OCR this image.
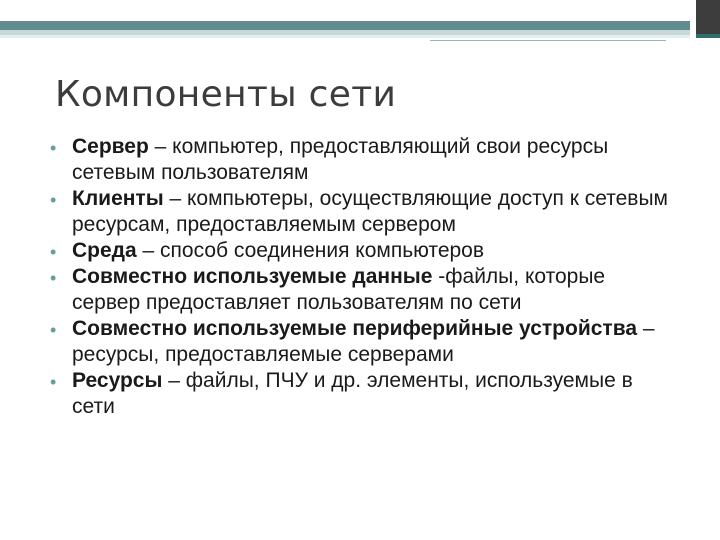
Компоненты сети
• Сервер – компьютер, предоставляющий свои ресурсы сетевым пользователям
• Клиенты – компьютеры, осуществляющие доступ к сетевым ресурсам, предоставляемым сервером
• Среда – способ соединения компьютеров
• Совместно используемые данные -файлы, которые сервер предоставляет пользователям по сети
• Совместно используемые периферийные устройства – ресурсы, предоставляемые серверами
• Ресурсы – файлы, ПЧУ и др. элементы, используемые в сети
